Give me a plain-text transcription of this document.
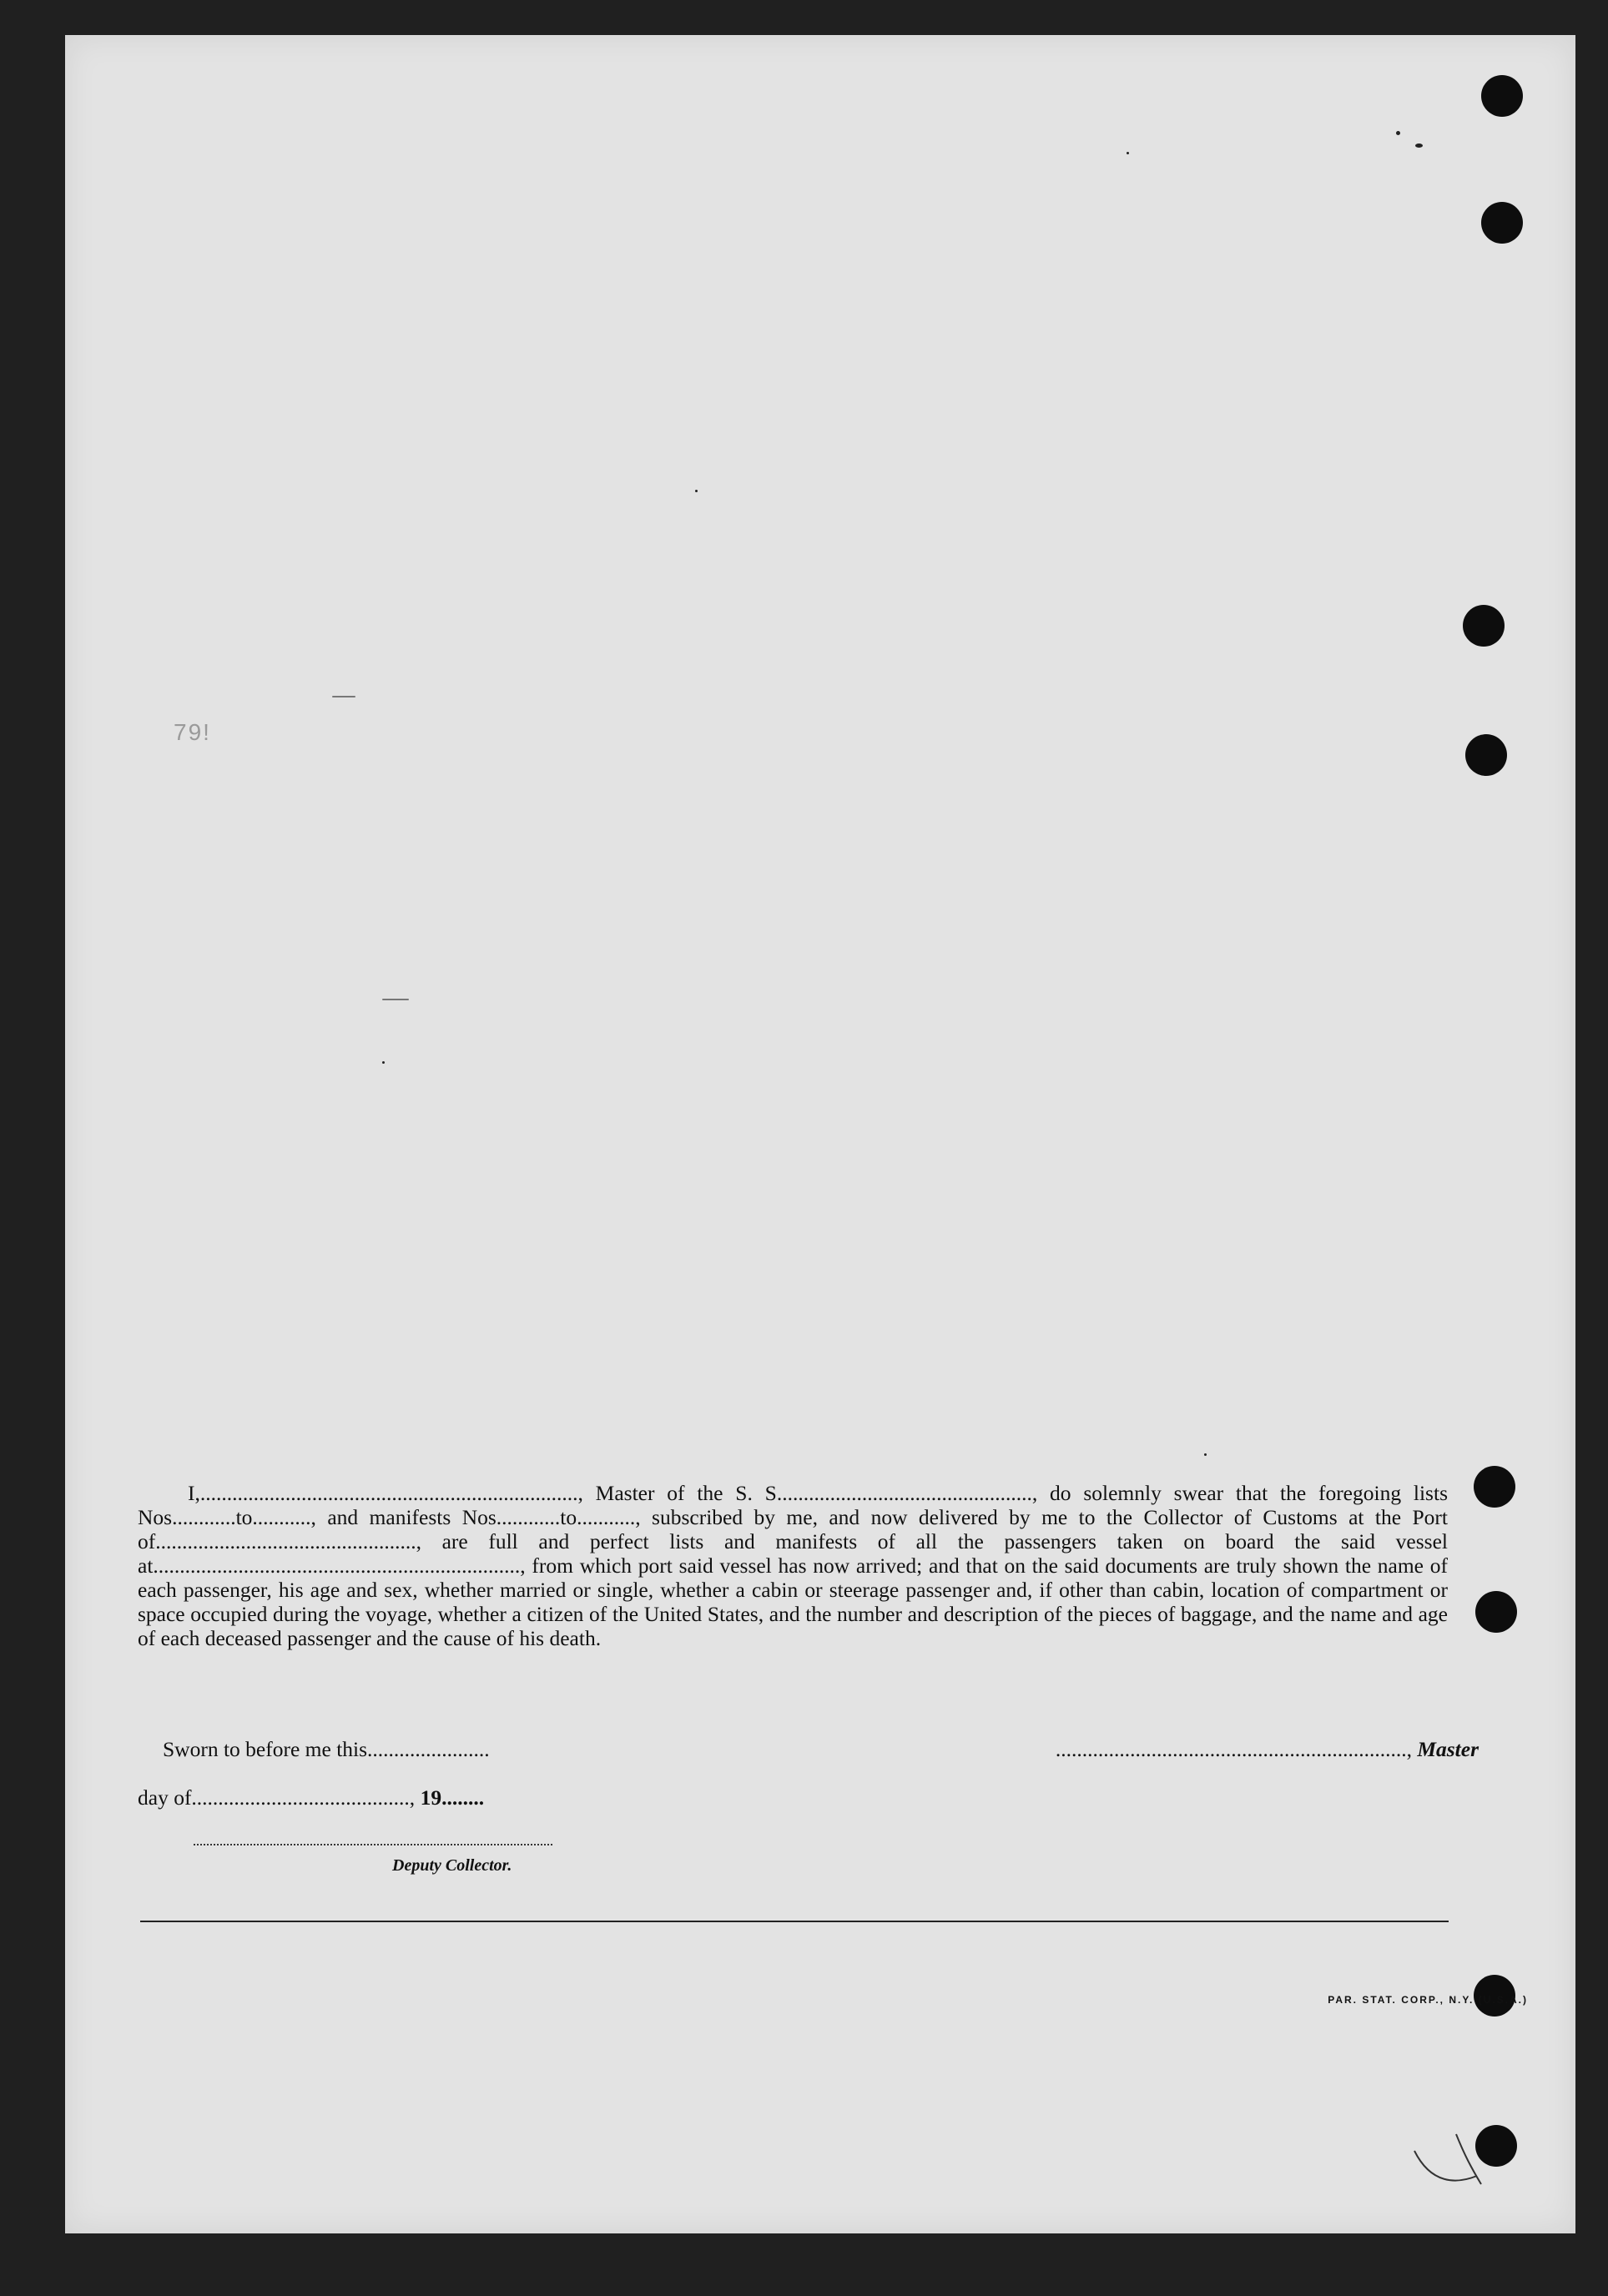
79!

I,......................................................................., Master of the S. S................................................, do solemnly swear that the foregoing lists Nos............to..........., and manifests Nos............to..........., subscribed by me, and now delivered by me to the Collector of Customs at the Port of................................................., are full and perfect lists and manifests of all the passengers taken on board the said vessel at....................................................................., from which port said vessel has now arrived; and that on the said documents are truly shown the name of each passenger, his age and sex, whether married or single, whether a cabin or steerage passenger and, if other than cabin, location of compartment or space occupied during the voyage, whether a citizen of the United States, and the number and description of the pieces of baggage, and the name and age of each deceased passenger and the cause of his death.

Sworn to before me this.......................	.................................................................., Master
day of........................................., 19........
Deputy Collector.
PAR. STAT. CORP., N.Y. (U.S.A.)
